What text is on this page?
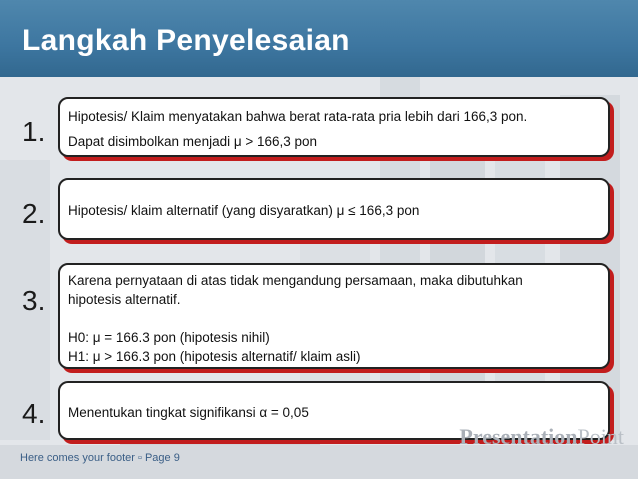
Langkah Penyelesaian
1. Hipotesis/ Klaim menyatakan bahwa berat rata-rata pria lebih dari 166,3 pon.
Dapat disimbolkan menjadi μ > 166,3 pon
2. Hipotesis/ klaim alternatif (yang disyaratkan) μ ≤ 166,3 pon
3.
Karena pernyataan di atas tidak mengandung persamaan, maka dibutuhkan
hipotesis alternatif.
H0: μ = 166.3 pon (hipotesis nihil)
H1: μ > 166.3 pon (hipotesis alternatif/ klaim asli)
4. Menentukan tingkat signifikansi α = 0,05
PresentationPoint
Here comes your footer ▫ Page 9
